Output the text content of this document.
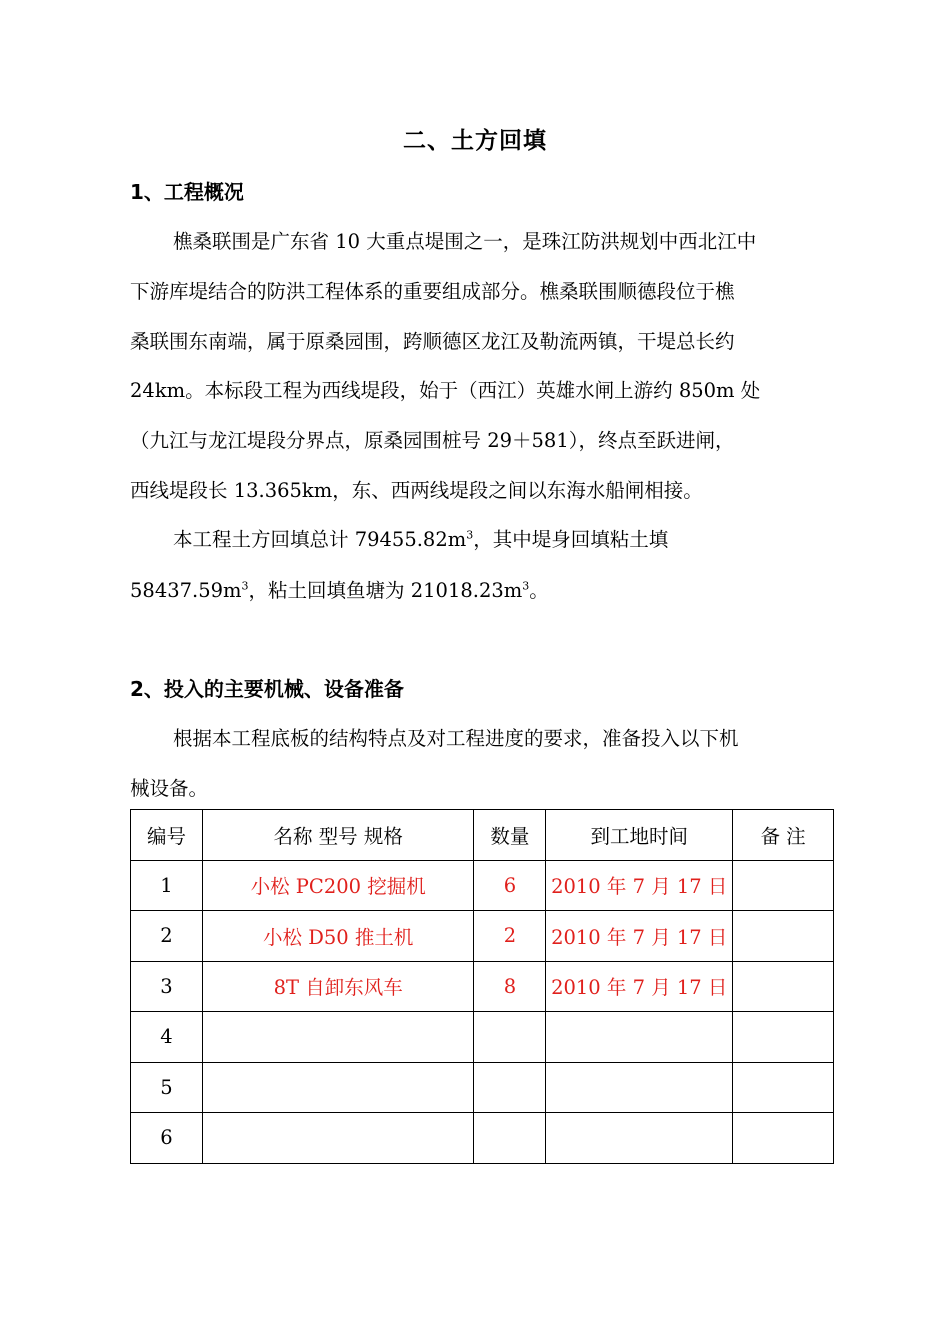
二、土方回填
1、工程概况
樵桑联围是广东省 10 大重点堤围之一，是珠江防洪规划中西北江中
下游库堤结合的防洪工程体系的重要组成部分。樵桑联围顺德段位于樵
桑联围东南端，属于原桑园围，跨顺德区龙江及勒流两镇，干堤总长约
24km。本标段工程为西线堤段，始于（西江）英雄水闸上游约 850m 处
（九江与龙江堤段分界点，原桑园围桩号 29＋581），终点至跃进闸，
西线堤段长 13.365km，东、西两线堤段之间以东海水船闸相接。
本工程土方回填总计 $79455.82m^3$，其中堤身回填粘土填
$58437.59m^3$，粘土回填鱼塘为 $21018.23m^3$。
2、投入的主要机械、设备准备
根据本工程底板的结构特点及对工程进度的要求，准备投入以下机
械设备。
编号	名称 型号 规格	数量	到工地时间	备 注
1	小松 PC200 挖掘机	6	2010 年 7 月 17 日	
2	小松 D50 推土机	2	2010 年 7 月 17 日	
3	8T 自卸东风车	8	2010 年 7 月 17 日	
4				
5				
6				
